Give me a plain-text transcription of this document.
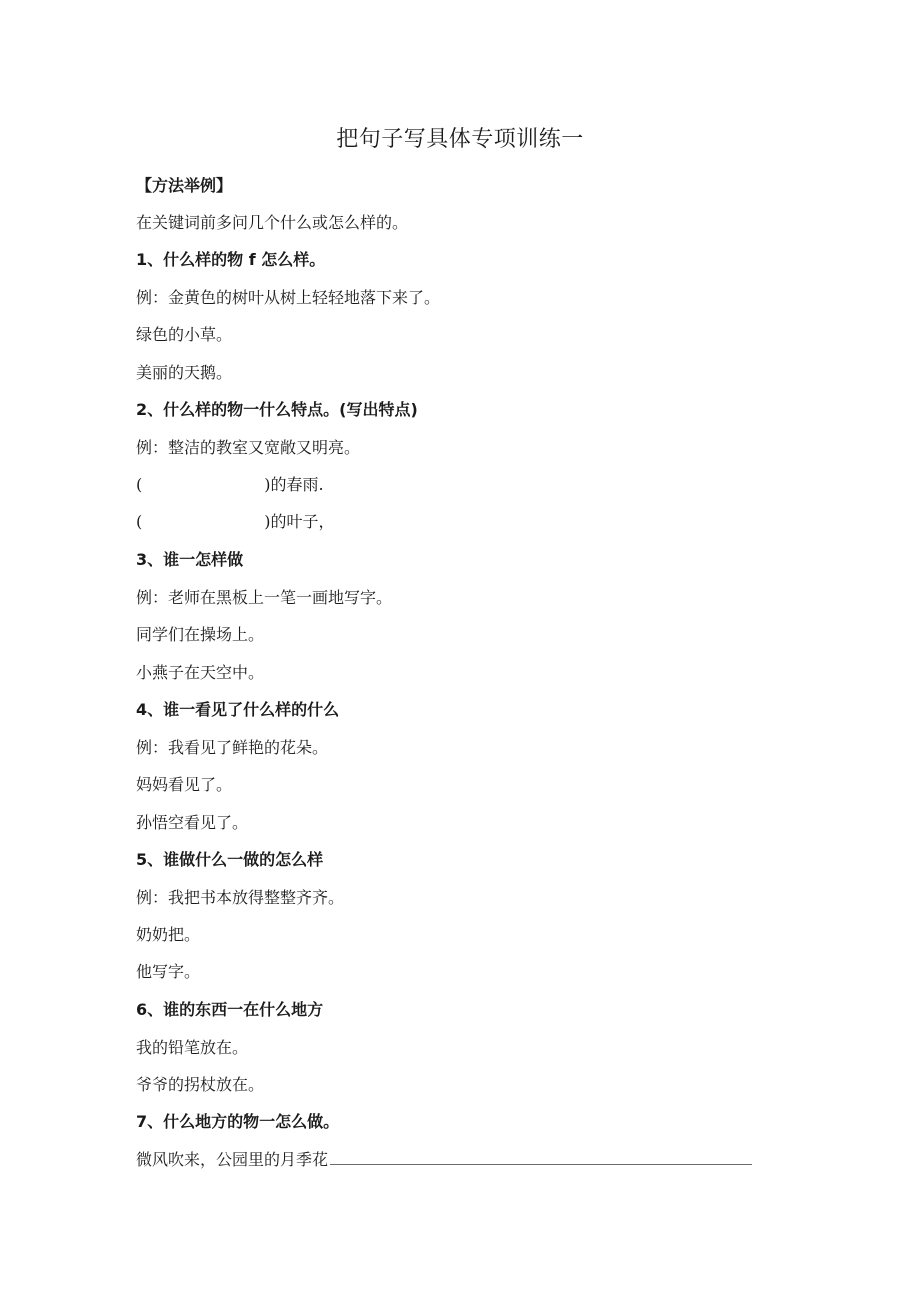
把句子写具体专项训练一

【方法举例】

在关键词前多问几个什么或怎么样的。

1、什么样的物 f 怎么样。

例：金黄色的树叶从树上轻轻地落下来了。

绿色的小草。

美丽的天鹅。

2、什么样的物一什么特点。(写出特点)

例：整洁的教室又宽敞又明亮。

(	)的春雨.

(	)的叶子，

3、谁一怎样做

例：老师在黑板上一笔一画地写字。

同学们在操场上。

小燕子在天空中。

4、谁一看见了什么样的什么

例：我看见了鲜艳的花朵。

妈妈看见了。

孙悟空看见了。

5、谁做什么一做的怎么样

例：我把书本放得整整齐齐。

奶奶把。

他写字。

6、谁的东西一在什么地方

我的铅笔放在。

爷爷的拐杖放在。

7、什么地方的物一怎么做。

微风吹来，公园里的月季花
